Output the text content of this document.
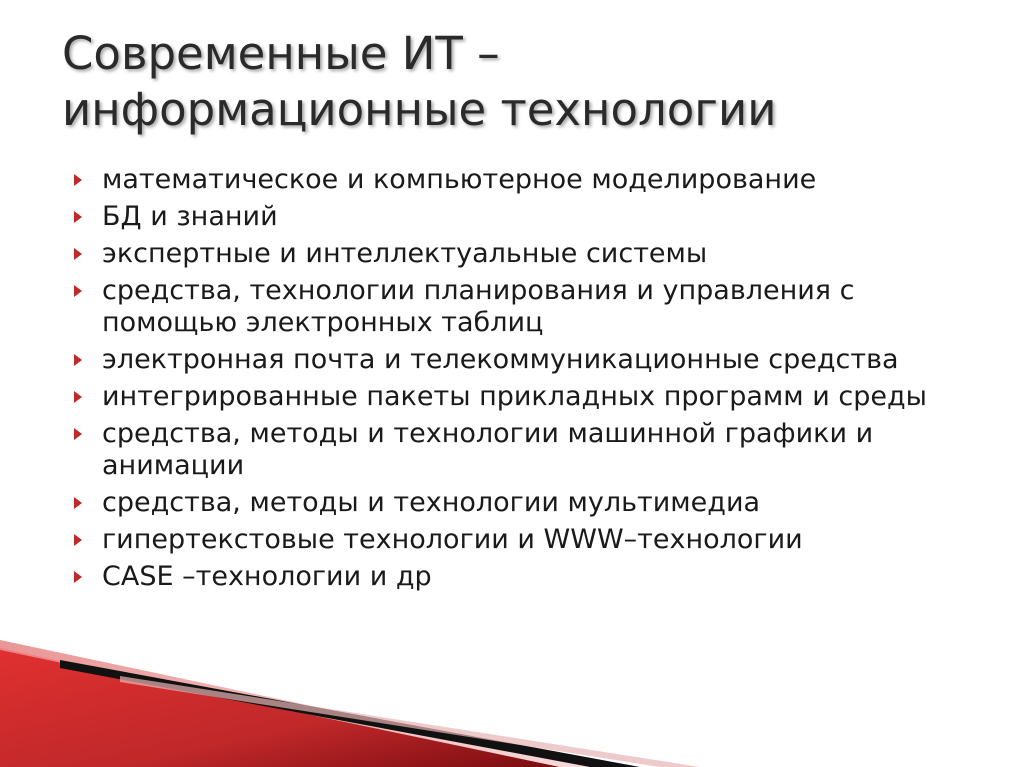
Современные ИТ –
информационные технологии
математическое и компьютерное моделирование
БД и знаний
экспертные и интеллектуальные системы
средства, технологии планирования и управления с помощью электронных таблиц
электронная почта и телекоммуникационные средства
интегрированные пакеты прикладных программ и среды
средства, методы и технологии машинной графики и анимации
средства, методы и технологии мультимедиа
гипертекстовые технологии и WWW–технологии
CASE –технологии и др
